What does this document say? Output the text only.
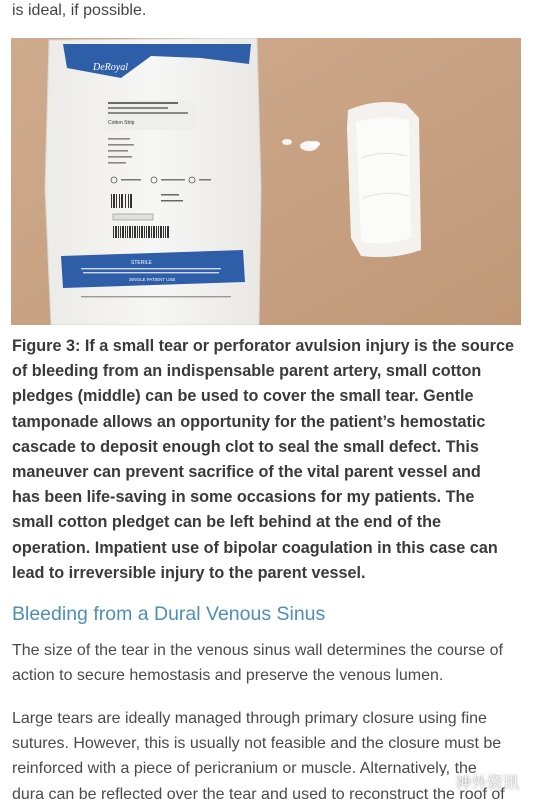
is ideal, if possible.
DeRoyal
Cotton Strip
STERILE
SINGLE PATIENT USE
Figure 3: If a small tear or perforator avulsion injury is the source
of bleeding from an indispensable parent artery, small cotton
pledges (middle) can be used to cover the small tear. Gentle
tamponade allows an opportunity for the patient’s hemostatic
cascade to deposit enough clot to seal the small defect. This
maneuver can prevent sacrifice of the vital parent vessel and
has been life-saving in some occasions for my patients. The
small cotton pledget can be left behind at the end of the
operation. Impatient use of bipolar coagulation in this case can
lead to irreversible injury to the parent vessel.
Bleeding from a Dural Venous Sinus
The size of the tear in the venous sinus wall determines the course of
action to secure hemostasis and preserve the venous lumen.
Large tears are ideally managed through primary closure using fine
sutures. However, this is usually not feasible and the closure must be
reinforced with a piece of pericranium or muscle. Alternatively, the
dura can be reflected over the tear and used to reconstruct the roof of
神外资讯
